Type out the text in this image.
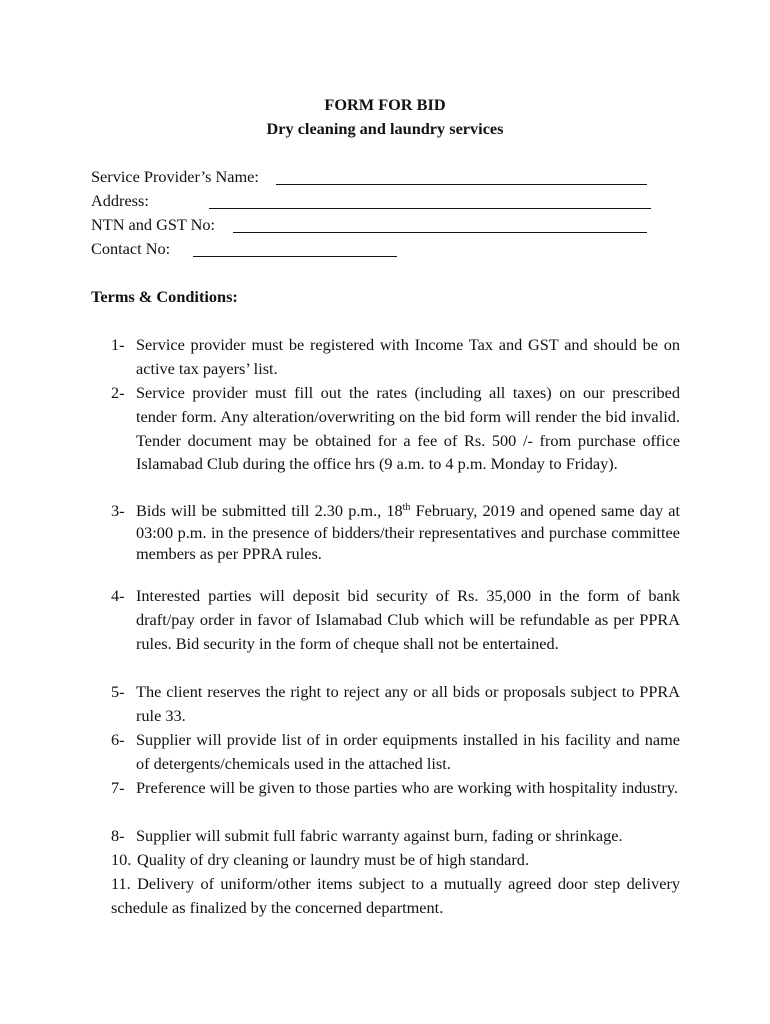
FORM FOR BID
Dry cleaning and laundry services
Service Provider’s Name:
Address:
NTN and GST No:
Contact No:
Terms & Conditions:
1- Service provider must be registered with Income Tax and GST and should be on active tax payers’ list.
2- Service provider must fill out the rates (including all taxes) on our prescribed tender form. Any alteration/overwriting on the bid form will render the bid invalid. Tender document may be obtained for a fee of Rs. 500 /- from purchase office Islamabad Club during the office hrs (9 a.m. to 4 p.m. Monday to Friday).
3- Bids will be submitted till 2.30 p.m., 18th February, 2019 and opened same day at 03:00 p.m. in the presence of bidders/their representatives and purchase committee members as per PPRA rules.
4- Interested parties will deposit bid security of Rs. 35,000 in the form of bank draft/pay order in favor of Islamabad Club which will be refundable as per PPRA rules. Bid security in the form of cheque shall not be entertained.
5- The client reserves the right to reject any or all bids or proposals subject to PPRA rule 33.
6- Supplier will provide list of in order equipments installed in his facility and name of detergents/chemicals used in the attached list.
7- Preference will be given to those parties who are working with hospitality industry.
8- Supplier will submit full fabric warranty against burn, fading or shrinkage.
10. Quality of dry cleaning or laundry must be of high standard.
11. Delivery of uniform/other items subject to a mutually agreed door step delivery schedule as finalized by the concerned department.
